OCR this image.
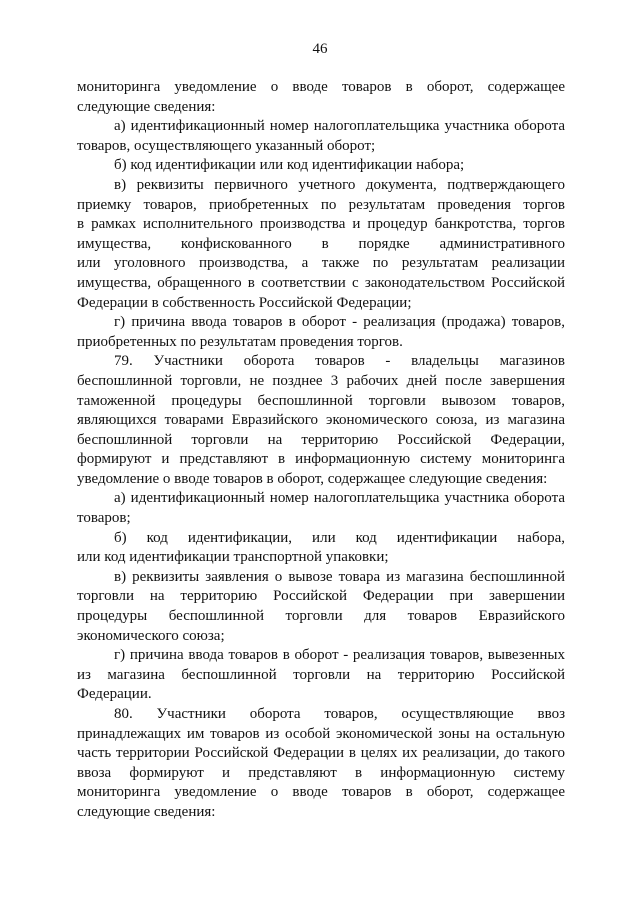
46
мониторинга уведомление о вводе товаров в оборот, содержащее
следующие сведения:
а) идентификационный номер налогоплательщика участника оборота
товаров, осуществляющего указанный оборот;
б) код идентификации или код идентификации набора;
в) реквизиты первичного учетного документа, подтверждающего
приемку товаров, приобретенных по результатам проведения торгов
в рамках исполнительного производства и процедур банкротства, торгов
имущества, конфискованного в порядке административного
или уголовного производства, а также по результатам реализации
имущества, обращенного в соответствии с законодательством Российской
Федерации в собственность Российской Федерации;
г) причина ввода товаров в оборот - реализация (продажа) товаров,
приобретенных по результатам проведения торгов.
79. Участники оборота товаров - владельцы магазинов
беспошлинной торговли, не позднее 3 рабочих дней после завершения
таможенной процедуры беспошлинной торговли вывозом товаров,
являющихся товарами Евразийского экономического союза, из магазина
беспошлинной торговли на территорию Российской Федерации,
формируют и представляют в информационную систему мониторинга
уведомление о вводе товаров в оборот, содержащее следующие сведения:
а) идентификационный номер налогоплательщика участника оборота
товаров;
б) код идентификации, или код идентификации набора,
или код идентификации транспортной упаковки;
в) реквизиты заявления о вывозе товара из магазина беспошлинной
торговли на территорию Российской Федерации при завершении
процедуры беспошлинной торговли для товаров Евразийского
экономического союза;
г) причина ввода товаров в оборот - реализация товаров, вывезенных
из магазина беспошлинной торговли на территорию Российской
Федерации.
80. Участники оборота товаров, осуществляющие ввоз
принадлежащих им товаров из особой экономической зоны на остальную
часть территории Российской Федерации в целях их реализации, до такого
ввоза формируют и представляют в информационную систему
мониторинга уведомление о вводе товаров в оборот, содержащее
следующие сведения:
